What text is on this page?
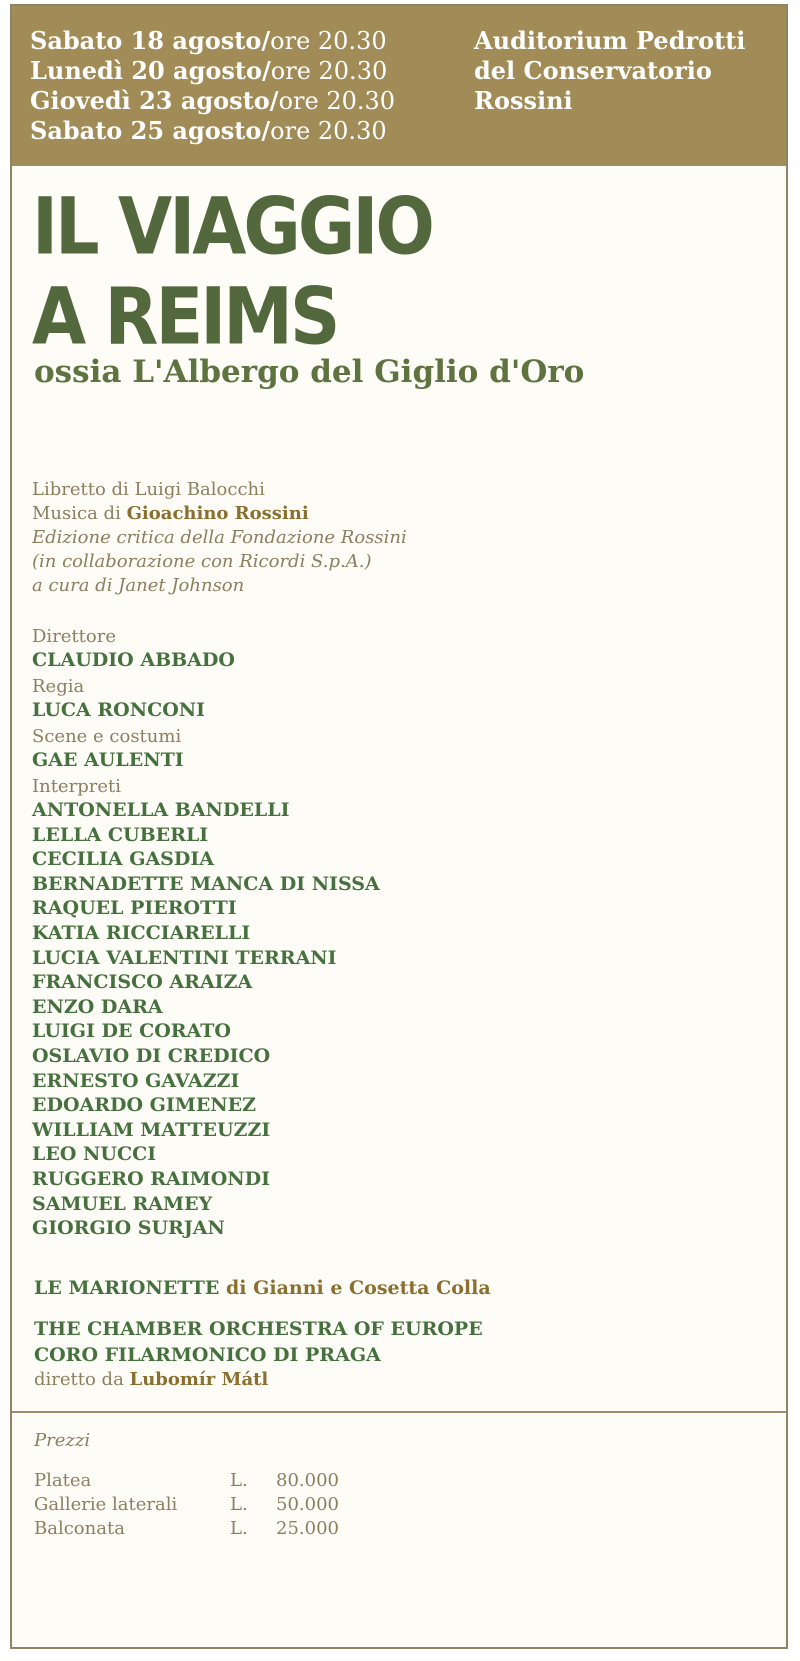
Sabato 18 agosto/ore 20.30
Lunedì 20 agosto/ore 20.30
Giovedì 23 agosto/ore 20.30
Sabato 25 agosto/ore 20.30
Auditorium Pedrotti
del Conservatorio
Rossini
IL VIAGGIO
A REIMS
ossia L'Albergo del Giglio d'Oro
Libretto di Luigi Balocchi
Musica di Gioachino Rossini
Edizione critica della Fondazione Rossini
(in collaborazione con Ricordi S.p.A.)
a cura di Janet Johnson
Direttore
CLAUDIO ABBADO
Regia
LUCA RONCONI
Scene e costumi
GAE AULENTI
Interpreti
ANTONELLA BANDELLI
LELLA CUBERLI
CECILIA GASDIA
BERNADETTE MANCA DI NISSA
RAQUEL PIEROTTI
KATIA RICCIARELLI
LUCIA VALENTINI TERRANI
FRANCISCO ARAIZA
ENZO DARA
LUIGI DE CORATO
OSLAVIO DI CREDICO
ERNESTO GAVAZZI
EDOARDO GIMENEZ
WILLIAM MATTEUZZI
LEO NUCCI
RUGGERO RAIMONDI
SAMUEL RAMEY
GIORGIO SURJAN
LE MARIONETTE di Gianni e Cosetta Colla
THE CHAMBER ORCHESTRA OF EUROPE
CORO FILARMONICO DI PRAGA
diretto da Lubomír Mátl
Prezzi
Platea	L.	80.000
Gallerie laterali	L.	50.000
Balconata	L.	25.000
